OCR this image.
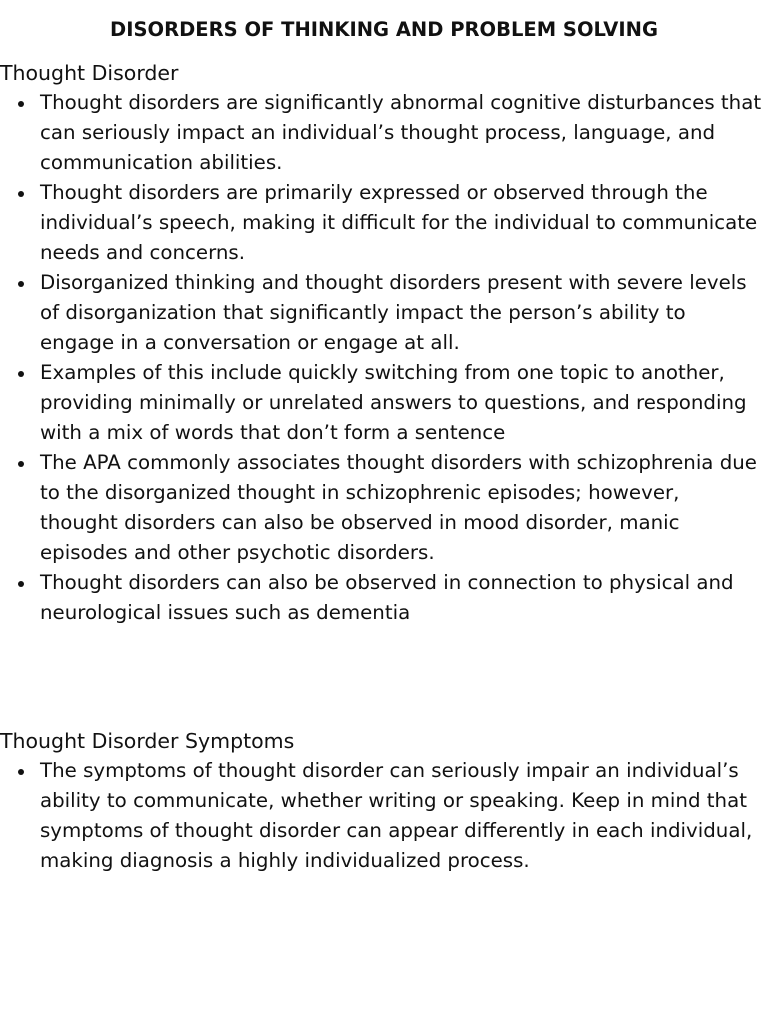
DISORDERS OF THINKING AND PROBLEM SOLVING
Thought Disorder
Thought disorders are significantly abnormal cognitive disturbances that can seriously impact an individual’s thought process, language, and communication abilities.
Thought disorders are primarily expressed or observed through the individual’s speech, making it difficult for the individual to communicate needs and concerns.
Disorganized thinking and thought disorders present with severe levels of disorganization that significantly impact the person’s ability to engage in a conversation or engage at all.
Examples of this include quickly switching from one topic to another, providing minimally or unrelated answers to questions, and responding with a mix of words that don’t form a sentence
The APA commonly associates thought disorders with schizophrenia due to the disorganized thought in schizophrenic episodes; however, thought disorders can also be observed in mood disorder, manic episodes and other psychotic disorders.
Thought disorders can also be observed in connection to physical and neurological issues such as dementia
Thought Disorder Symptoms
The symptoms of thought disorder can seriously impair an individual’s ability to communicate, whether writing or speaking. Keep in mind that symptoms of thought disorder can appear differently in each individual, making diagnosis a highly individualized process.
